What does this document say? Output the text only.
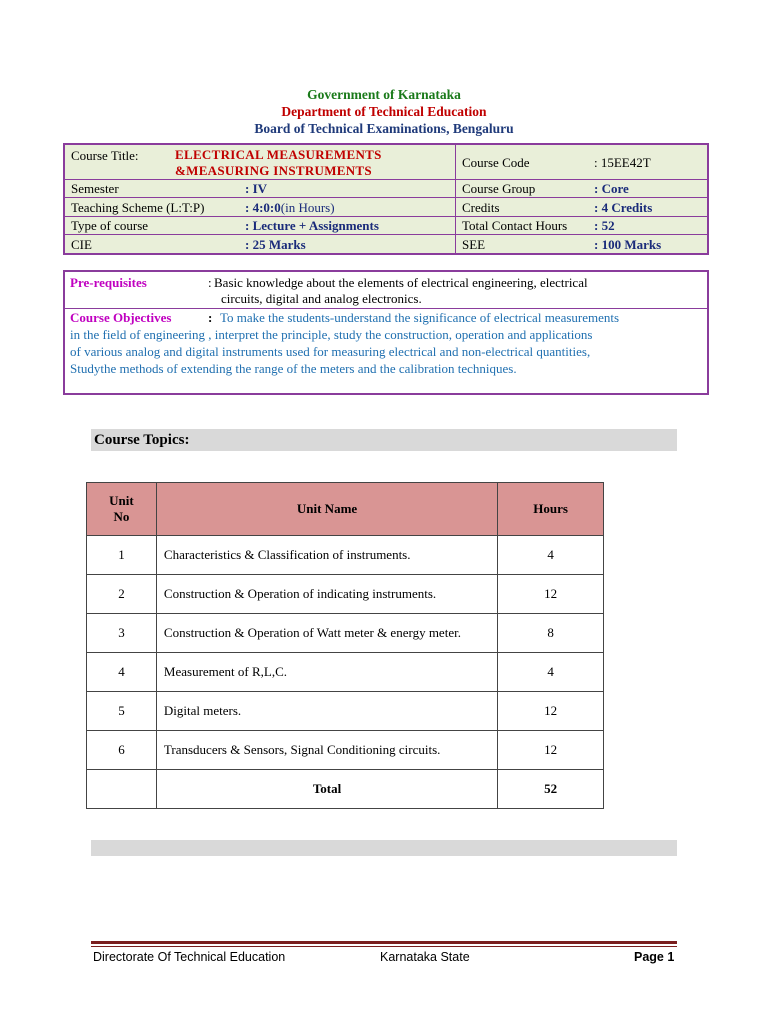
Government of Karnataka
Department of Technical Education
Board of Technical Examinations, Bengaluru
Course Title:	ELECTRICAL MEASUREMENTS
&MEASURING INSTRUMENTS
Course Code	: 15EE42T
Semester	: IV	Course Group	: Core
Teaching Scheme (L:T:P)	: 4:0:0(in Hours)	Credits	: 4 Credits
Type of course	: Lecture + Assignments	Total Contact Hours : 52
CIE	: 25 Marks	SEE	: 100 Marks
Pre-requisites	: Basic knowledge about the elements of electrical engineering, electrical
circuits, digital and analog electronics.
Course Objectives	: To make the students-understand the significance of electrical measurements
in the field of engineering , interpret the principle, study the construction, operation and applications
of various analog and digital instruments used for measuring electrical and non-electrical quantities,
Studythe methods of extending the range of the meters and the calibration techniques.
Course Topics:
Unit
No	Unit Name	Hours
1	Characteristics & Classification of instruments.	4
2	Construction & Operation of indicating instruments.	12
3	Construction & Operation of Watt meter & energy meter.	8
4	Measurement of R,L,C.	4
5	Digital meters.	12
6	Transducers & Sensors, Signal Conditioning circuits.	12
	Total	52
Directorate Of Technical Education	Karnataka State	Page 1
